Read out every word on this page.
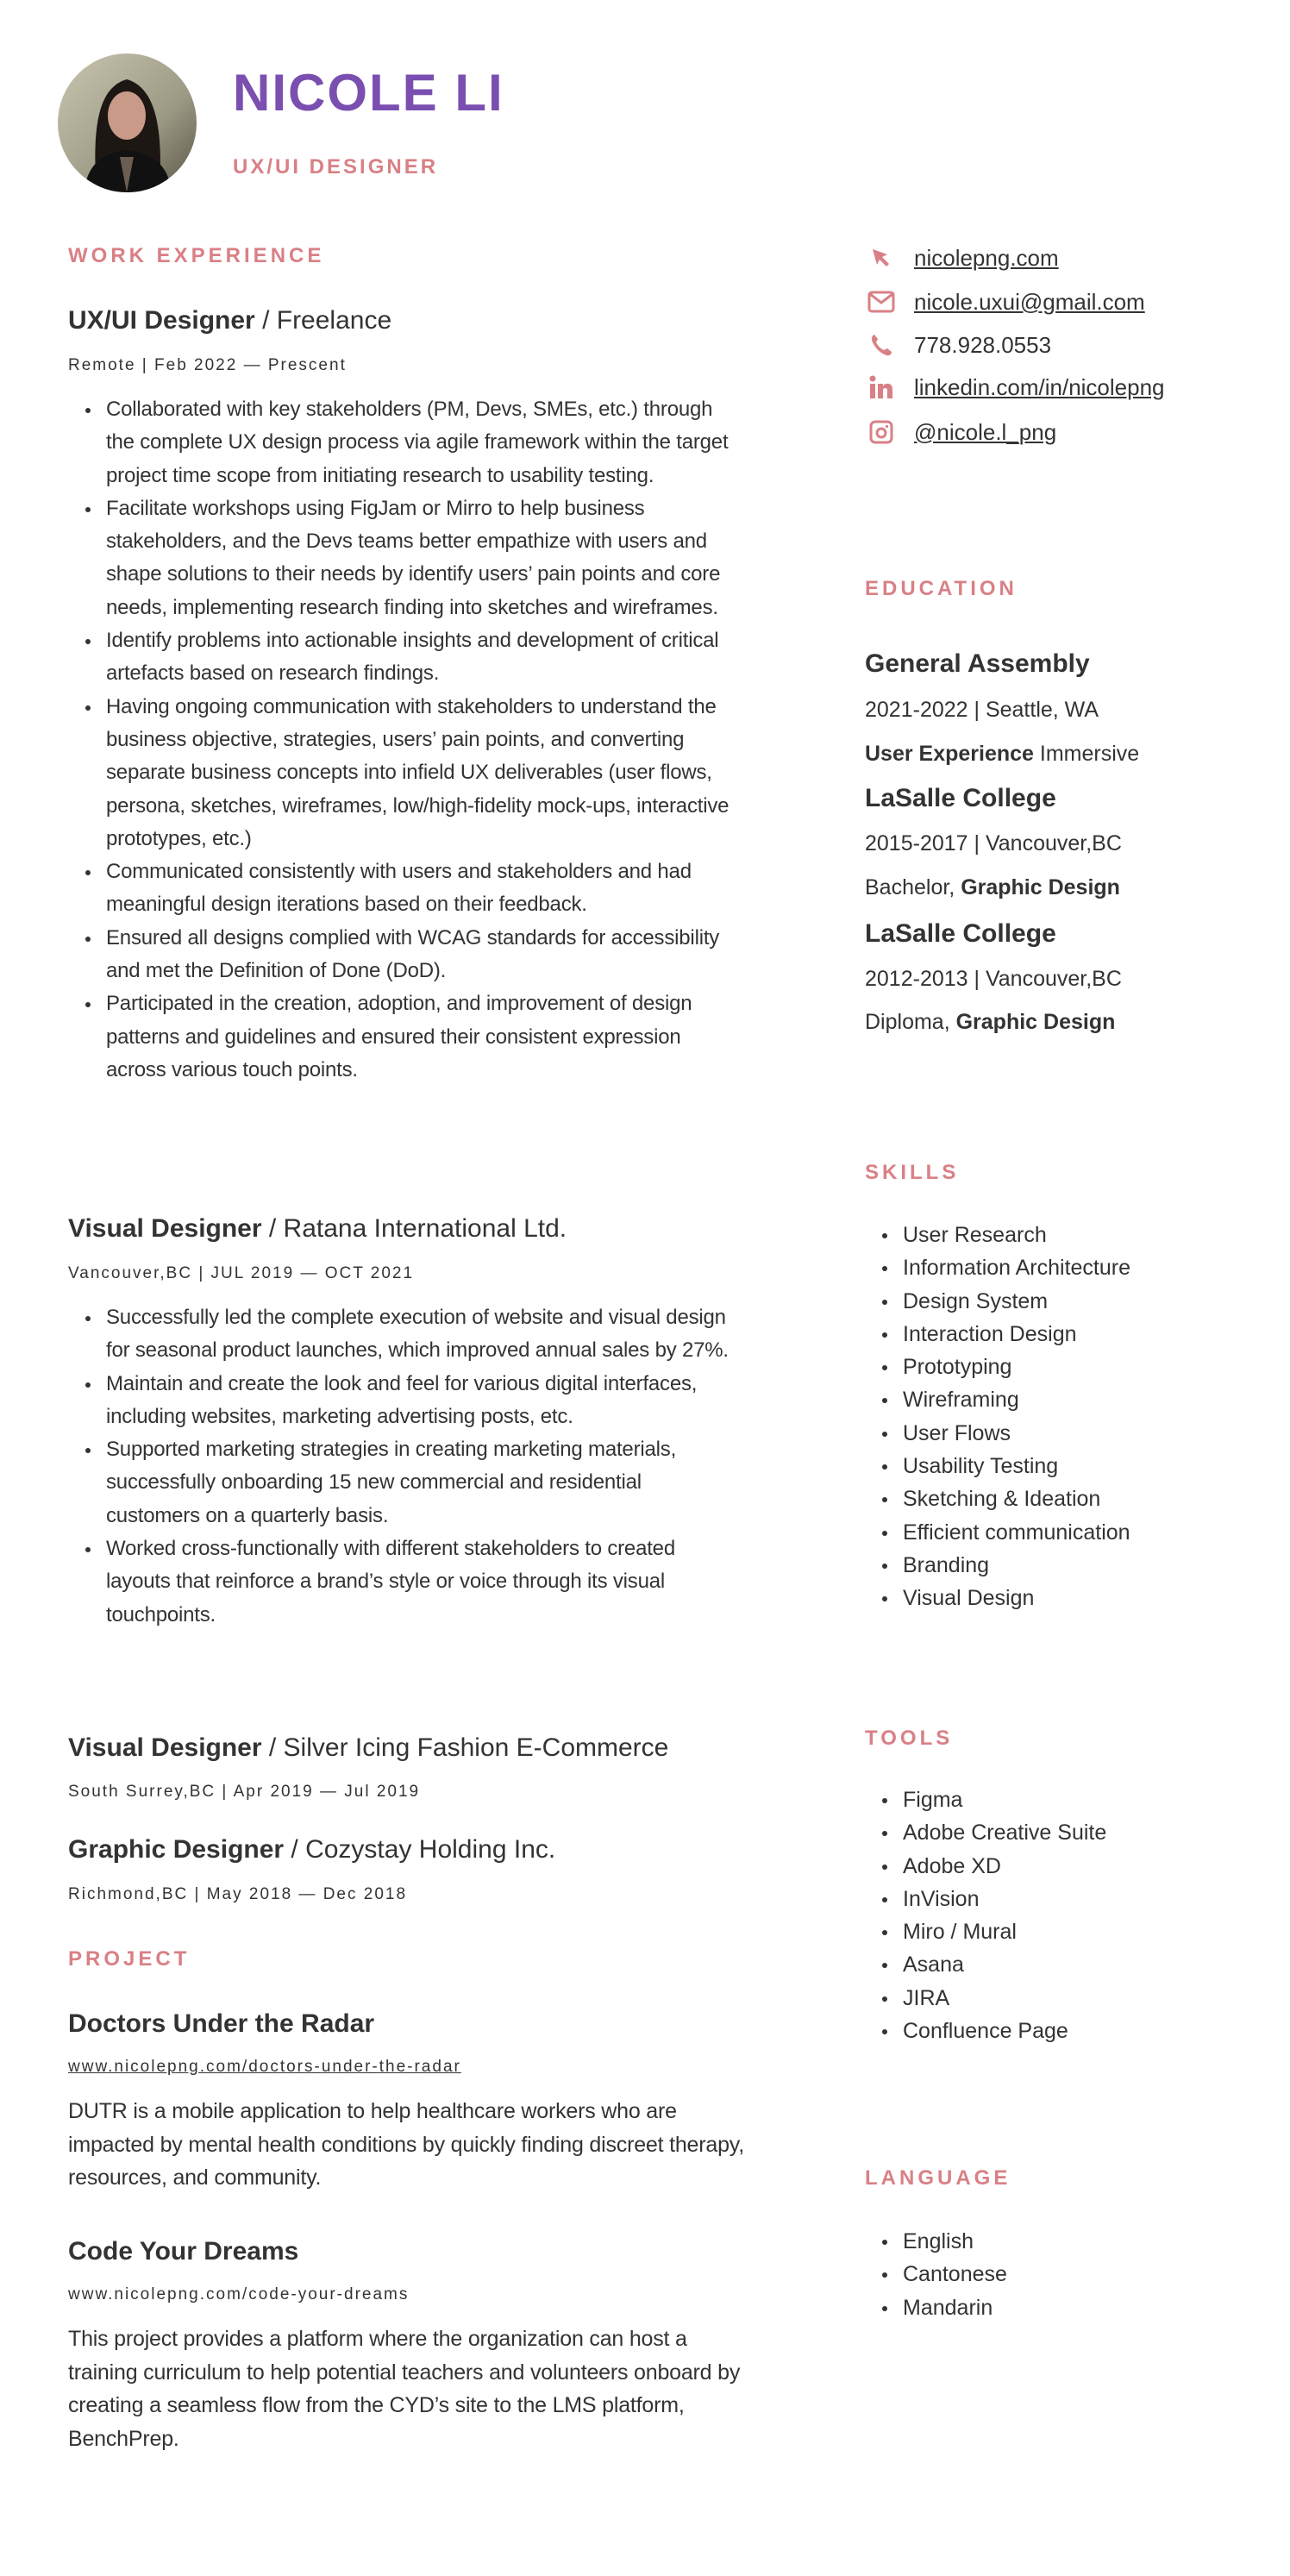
NICOLE LI
UX/UI DESIGNER
WORK EXPERIENCE
UX/UI Designer / Freelance
Remote | Feb 2022 — Prescent
Collaborated with key stakeholders (PM, Devs, SMEs, etc.) through the complete UX design process via agile framework within the target project time scope from initiating research to usability testing.
Facilitate workshops using FigJam or Mirro to help business stakeholders, and the Devs teams better empathize with users and shape solutions to their needs by identify users’ pain points and core needs, implementing research finding into sketches and wireframes.
Identify problems into actionable insights and development of critical artefacts based on research findings.
Having ongoing communication with stakeholders to understand the business objective, strategies, users’ pain points, and converting separate business concepts into infield UX deliverables (user flows, persona, sketches, wireframes, low/high-fidelity mock-ups, interactive prototypes, etc.)
Communicated consistently with users and stakeholders and had meaningful design iterations based on their feedback.
Ensured all designs complied with WCAG standards for accessibility and met the Definition of Done (DoD).
Participated in the creation, adoption, and improvement of design patterns and guidelines and ensured their consistent expression across various touch points.
Visual Designer / Ratana International Ltd.
Vancouver,BC | JUL 2019 — OCT 2021
Successfully led the complete execution of website and visual design for seasonal product launches, which improved annual sales by 27%.
Maintain and create the look and feel for various digital interfaces, including websites, marketing advertising posts, etc.
Supported marketing strategies in creating marketing materials, successfully onboarding 15 new commercial and residential customers on a quarterly basis.
Worked cross-functionally with different stakeholders to created layouts that reinforce a brand’s style or voice through its visual touchpoints.
Visual Designer / Silver Icing Fashion E-Commerce
South Surrey,BC | Apr 2019 — Jul 2019
Graphic Designer / Cozystay Holding Inc.
Richmond,BC | May 2018 — Dec 2018
PROJECT
Doctors Under the Radar
www.nicolepng.com/doctors-under-the-radar
DUTR is a mobile application to help healthcare workers who are impacted by mental health conditions by quickly finding discreet therapy, resources, and community.
Code Your Dreams
www.nicolepng.com/code-your-dreams
This project provides a platform where the organization can host a training curriculum to help potential teachers and volunteers onboard by creating a seamless flow from the CYD’s site to the LMS platform, BenchPrep.
nicolepng.com
nicole.uxui@gmail.com
778.928.0553
linkedin.com/in/nicolepng
@nicole.l_png
EDUCATION
General Assembly
2021-2022 | Seattle, WA
User Experience Immersive
LaSalle College
2015-2017 | Vancouver,BC
Bachelor, Graphic Design
LaSalle College
2012-2013 | Vancouver,BC
Diploma, Graphic Design
SKILLS
User Research
Information Architecture
Design System
Interaction Design
Prototyping
Wireframing
User Flows
Usability Testing
Sketching & Ideation
Efficient communication
Branding
Visual Design
TOOLS
Figma
Adobe Creative Suite
Adobe XD
InVision
Miro / Mural
Asana
JIRA
Confluence Page
LANGUAGE
English
Cantonese
Mandarin
